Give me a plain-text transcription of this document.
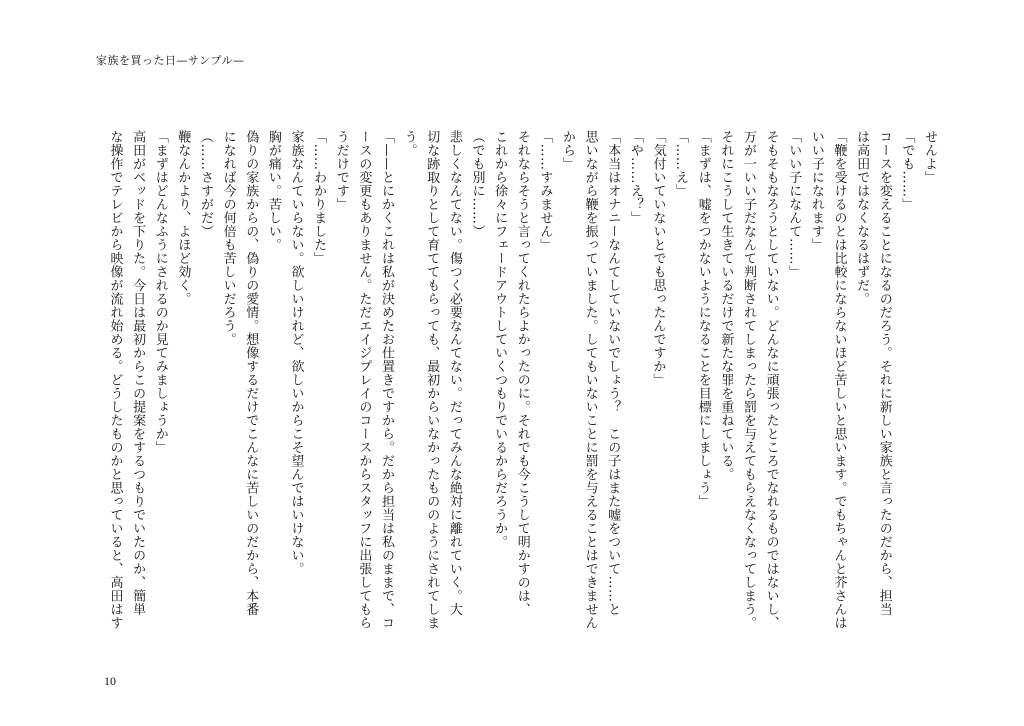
家族を買った日—サンプル—
せんよ」
「でも……」
コースを変えることになるのだろう。それに新しい家族と言ったのだから、担当
は高田ではなくなるはずだ。
「鞭を受けるのとは比較にならないほど苦しいと思います。でもちゃんと芥さんは
いい子になれます」
「いい子になんて……」
そもそもなろうとしていない。どんなに頑張ったところでなれるものではないし、
万が一いい子だなんて判断されてしまったら罰を与えてもらえなくなってしまう。
それにこうして生きているだけで新たな罪を重ねている。
「まずは、嘘をつかないようになることを目標にしましょう」
「……え」
「気付いていないとでも思ったんですか」
「や……え？」
「本当はオナニーなんてしていないでしょう？　この子はまた嘘をついて……と
思いながら鞭を振っていました。してもいないことに罰を与えることはできません
から」
「……すみません」
それならそうと言ってくれたらよかったのに。それでも今こうして明かすのは、
これから徐々にフェードアウトしていくつもりでいるからだろうか。
（でも別に……）
悲しくなんてない。傷つく必要なんてない。だってみんな絶対に離れていく。大
切な跡取りとして育ててもらっても、最初からいなかったもののようにされてしま
う。
「——とにかくこれは私が決めたお仕置きですから。だから担当は私のままで、コ
ースの変更もありません。ただエイジプレイのコースからスタッフに出張してもら
うだけです」
「……わかりました」
家族なんていらない。欲しいけれど、欲しいからこそ望んではいけない。
胸が痛い。苦しい。
偽りの家族からの、偽りの愛情。想像するだけでこんなに苦しいのだから、本番
になれば今の何倍も苦しいだろう。
（……さすがだ）
鞭なんかより、よほど効く。
「まずはどんなふうにされるのか見てみましょうか」
高田がベッドを下りた。今日は最初からこの提案をするつもりでいたのか、簡単
な操作でテレビから映像が流れ始める。どうしたものかと思っていると、高田はす
10
